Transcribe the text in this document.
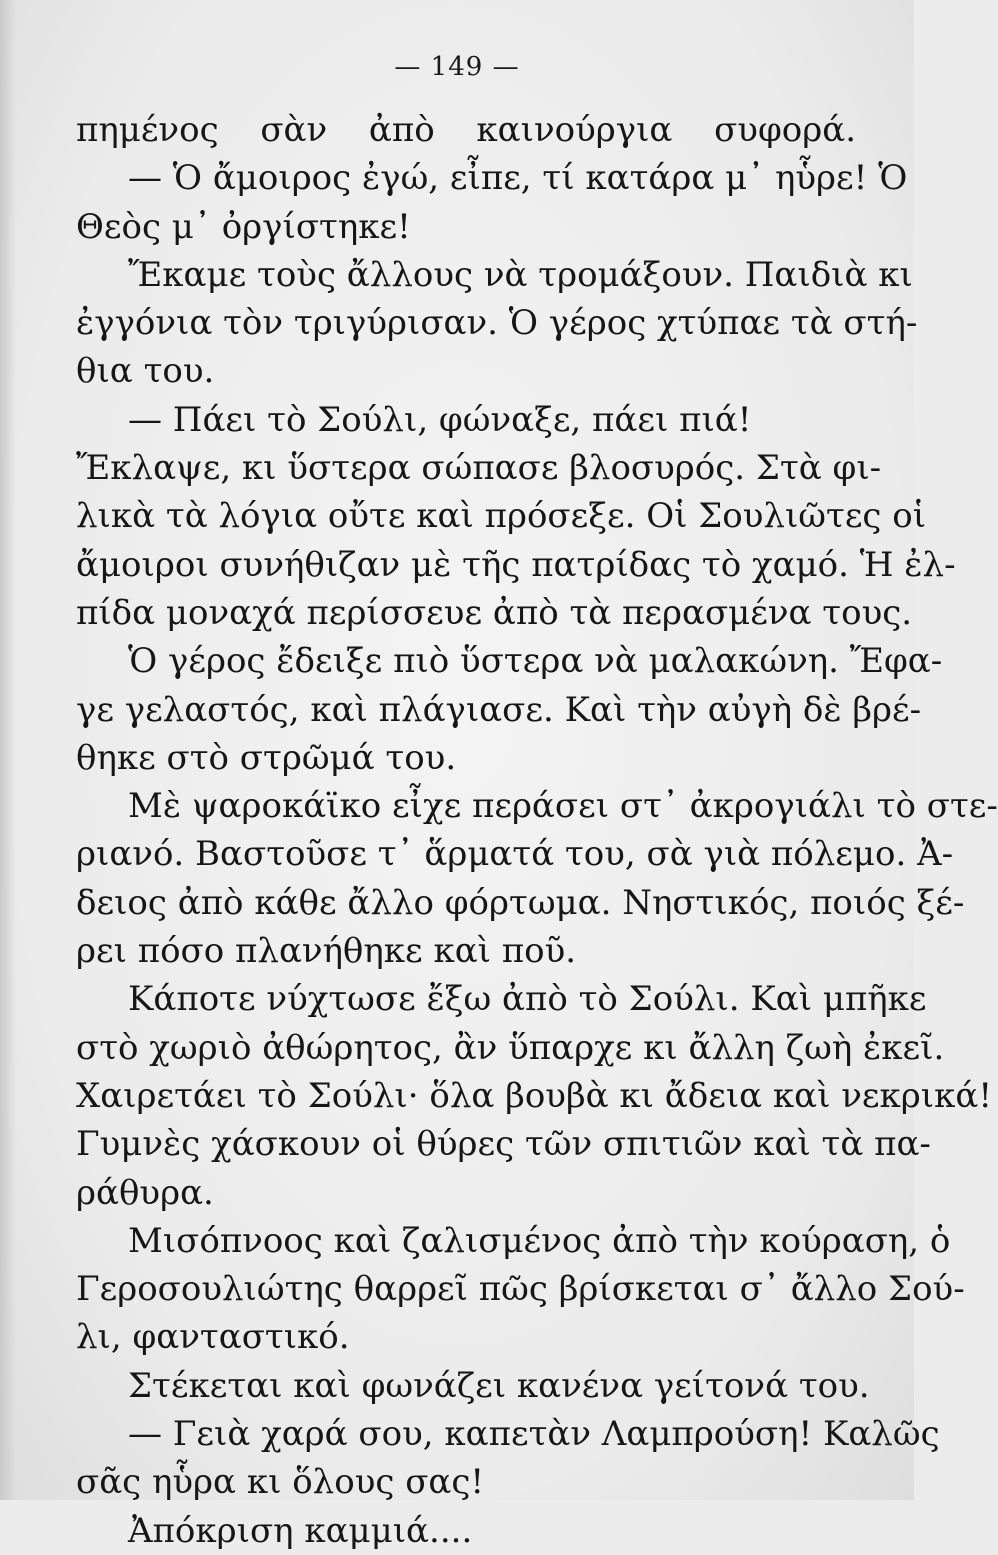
— 149 —
πημένος σὰν ἀπὸ καινούργια συφορά.
— Ὁ ἄμοιρος ἐγώ, εἶπε, τί κατάρα μ᾿ ηὗρε! Ὁ
Θεὸς μ᾿ ὀργίστηκε!
Ἔκαμε τοὺς ἄλλους νὰ τρομάξουν. Παιδιὰ κι
ἐγγόνια τὸν τριγύρισαν. Ὁ γέρος χτύπαε τὰ στή-
θια του.
— Πάει τὸ Σούλι, φώναξε, πάει πιά!
Ἔκλαψε, κι ὕστερα σώπασε βλοσυρός. Στὰ φι-
λικὰ τὰ λόγια οὔτε καὶ πρόσεξε. Οἱ Σουλιῶτες οἱ
ἄμοιροι συνήθιζαν μὲ τῆς πατρίδας τὸ χαμό. Ἡ ἐλ-
πίδα μοναχά περίσσευε ἀπὸ τὰ περασμένα τους.
Ὁ γέρος ἔδειξε πιὸ ὕστερα νὰ μαλακώνη. Ἔφα-
γε γελαστός, καὶ πλάγιασε. Καὶ τὴν αὐγὴ δὲ βρέ-
θηκε στὸ στρῶμά του.
Μὲ ψαροκάϊκο εἶχε περάσει στ᾿ ἀκρογιάλι τὸ στε-
ριανό. Βαστοῦσε τ᾿ ἅρματά του, σὰ γιὰ πόλεμο. Ἀ-
δειος ἀπὸ κάθε ἄλλο φόρτωμα. Νηστικός, ποιός ξέ-
ρει πόσο πλανήθηκε καὶ ποῦ.
Κάποτε νύχτωσε ἔξω ἀπὸ τὸ Σούλι. Καὶ μπῆκε
στὸ χωριὸ ἀθώρητος, ἂν ὕπαρχε κι ἄλλη ζωὴ ἐκεῖ.
Χαιρετάει τὸ Σούλι· ὅλα βουβὰ κι ἄδεια καὶ νεκρικά!
Γυμνὲς χάσκουν οἱ θύρες τῶν σπιτιῶν καὶ τὰ πα-
ράθυρα.
Μισόπνοος καὶ ζαλισμένος ἀπὸ τὴν κούραση, ὁ
Γεροσουλιώτης θαρρεῖ πῶς βρίσκεται σ᾿ ἄλλο Σού-
λι, φανταστικό.
Στέκεται καὶ φωνάζει κανένα γείτονά του.
— Γειὰ χαρά σου, καπετὰν Λαμπρούση! Καλῶς
σᾶς ηὗρα κι ὅλους σας!
Ἀπόκριση καμμιά....
